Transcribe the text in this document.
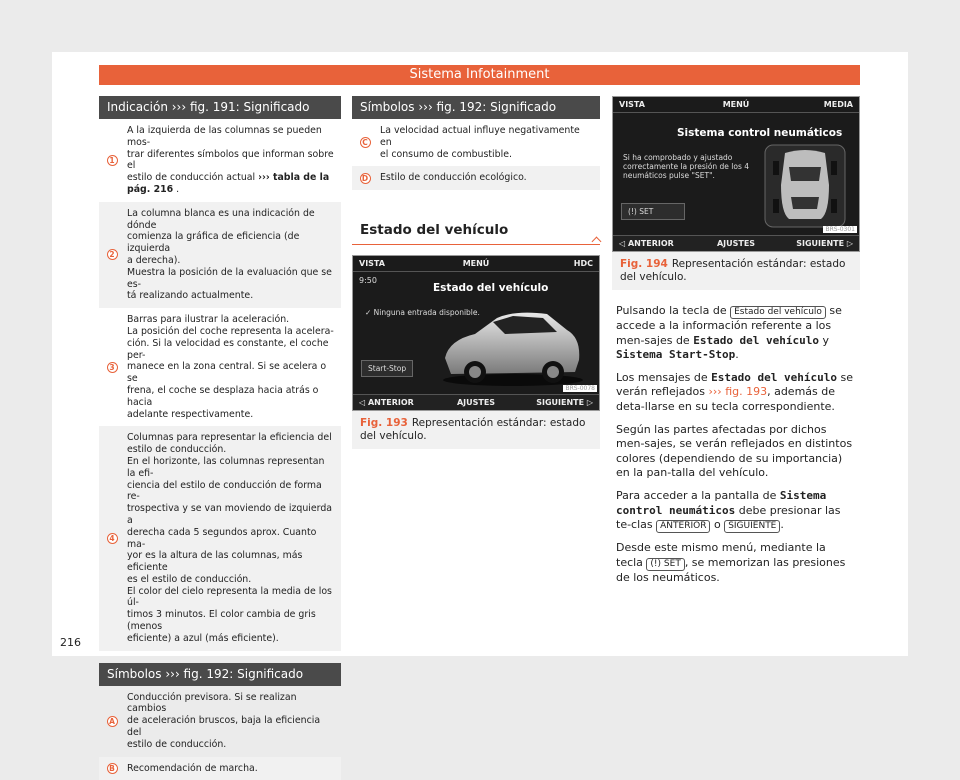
Sistema Infotainment
Indicación ››› fig. 191: Significado
1
A la izquierda de las columnas se pueden mos-
trar diferentes símbolos que informan sobre el
estilo de conducción actual ››› tabla de la
pág. 216 .
2
La columna blanca es una indicación de dónde
comienza la gráfica de eficiencia (de izquierda
a derecha).
Muestra la posición de la evaluación que se es-
tá realizando actualmente.
3
Barras para ilustrar la aceleración.
La posición del coche representa la acelera-
ción. Si la velocidad es constante, el coche per-
manece en la zona central. Si se acelera o se
frena, el coche se desplaza hacia atrás o hacia
adelante respectivamente.
4
Columnas para representar la eficiencia del
estilo de conducción.
En el horizonte, las columnas representan la efi-
ciencia del estilo de conducción de forma re-
trospectiva y se van moviendo de izquierda a
derecha cada 5 segundos aprox. Cuanto ma-
yor es la altura de las columnas, más eficiente
es el estilo de conducción.
El color del cielo representa la media de los úl-
timos 3 minutos. El color cambia de gris (menos
eficiente) a azul (más eficiente).
Símbolos ››› fig. 192: Significado
A
Conducción previsora. Si se realizan cambios
de aceleración bruscos, baja la eficiencia del
estilo de conducción.
B Recomendación de marcha.
Símbolos ››› fig. 192: Significado
C
La velocidad actual influye negativamente en
el consumo de combustible.
D Estilo de conducción ecológico.
Estado del vehículo
VISTA	MENÚ	HDC
9:50
Estado del vehículo
✓ Ninguna entrada disponible.
Start-Stop
BRS-0078
◁ ANTERIOR	AJUSTES	SIGUIENTE ▷
Fig. 193 Representación estándar: estado del vehículo.
VISTA	MENÚ	MEDIA
Sistema control neumáticos
Si ha comprobado y ajustado
correctamente la presión de los 4
neumáticos pulse "SET".
(!) SET
BRS-0301
◁ ANTERIOR	AJUSTES	SIGUIENTE ▷
Fig. 194 Representación estándar: estado del vehículo.

Pulsando la tecla de Estado del vehículo se accede a la información referente a los men-sajes de Estado del vehículo y Sistema Start-Stop.

Los mensajes de Estado del vehículo se verán reflejados ››› fig. 193, además de deta-llarse en su tecla correspondiente.

Según las partes afectadas por dichos men-sajes, se verán reflejados en distintos colores (dependiendo de su importancia) en la pan-talla del vehículo.

Para acceder a la pantalla de Sistema control neumáticos debe presionar las te-clas ANTERIOR o SIGUIENTE .

Desde este mismo menú, mediante la tecla (!) SET , se memorizan las presiones de los neumáticos.

216
